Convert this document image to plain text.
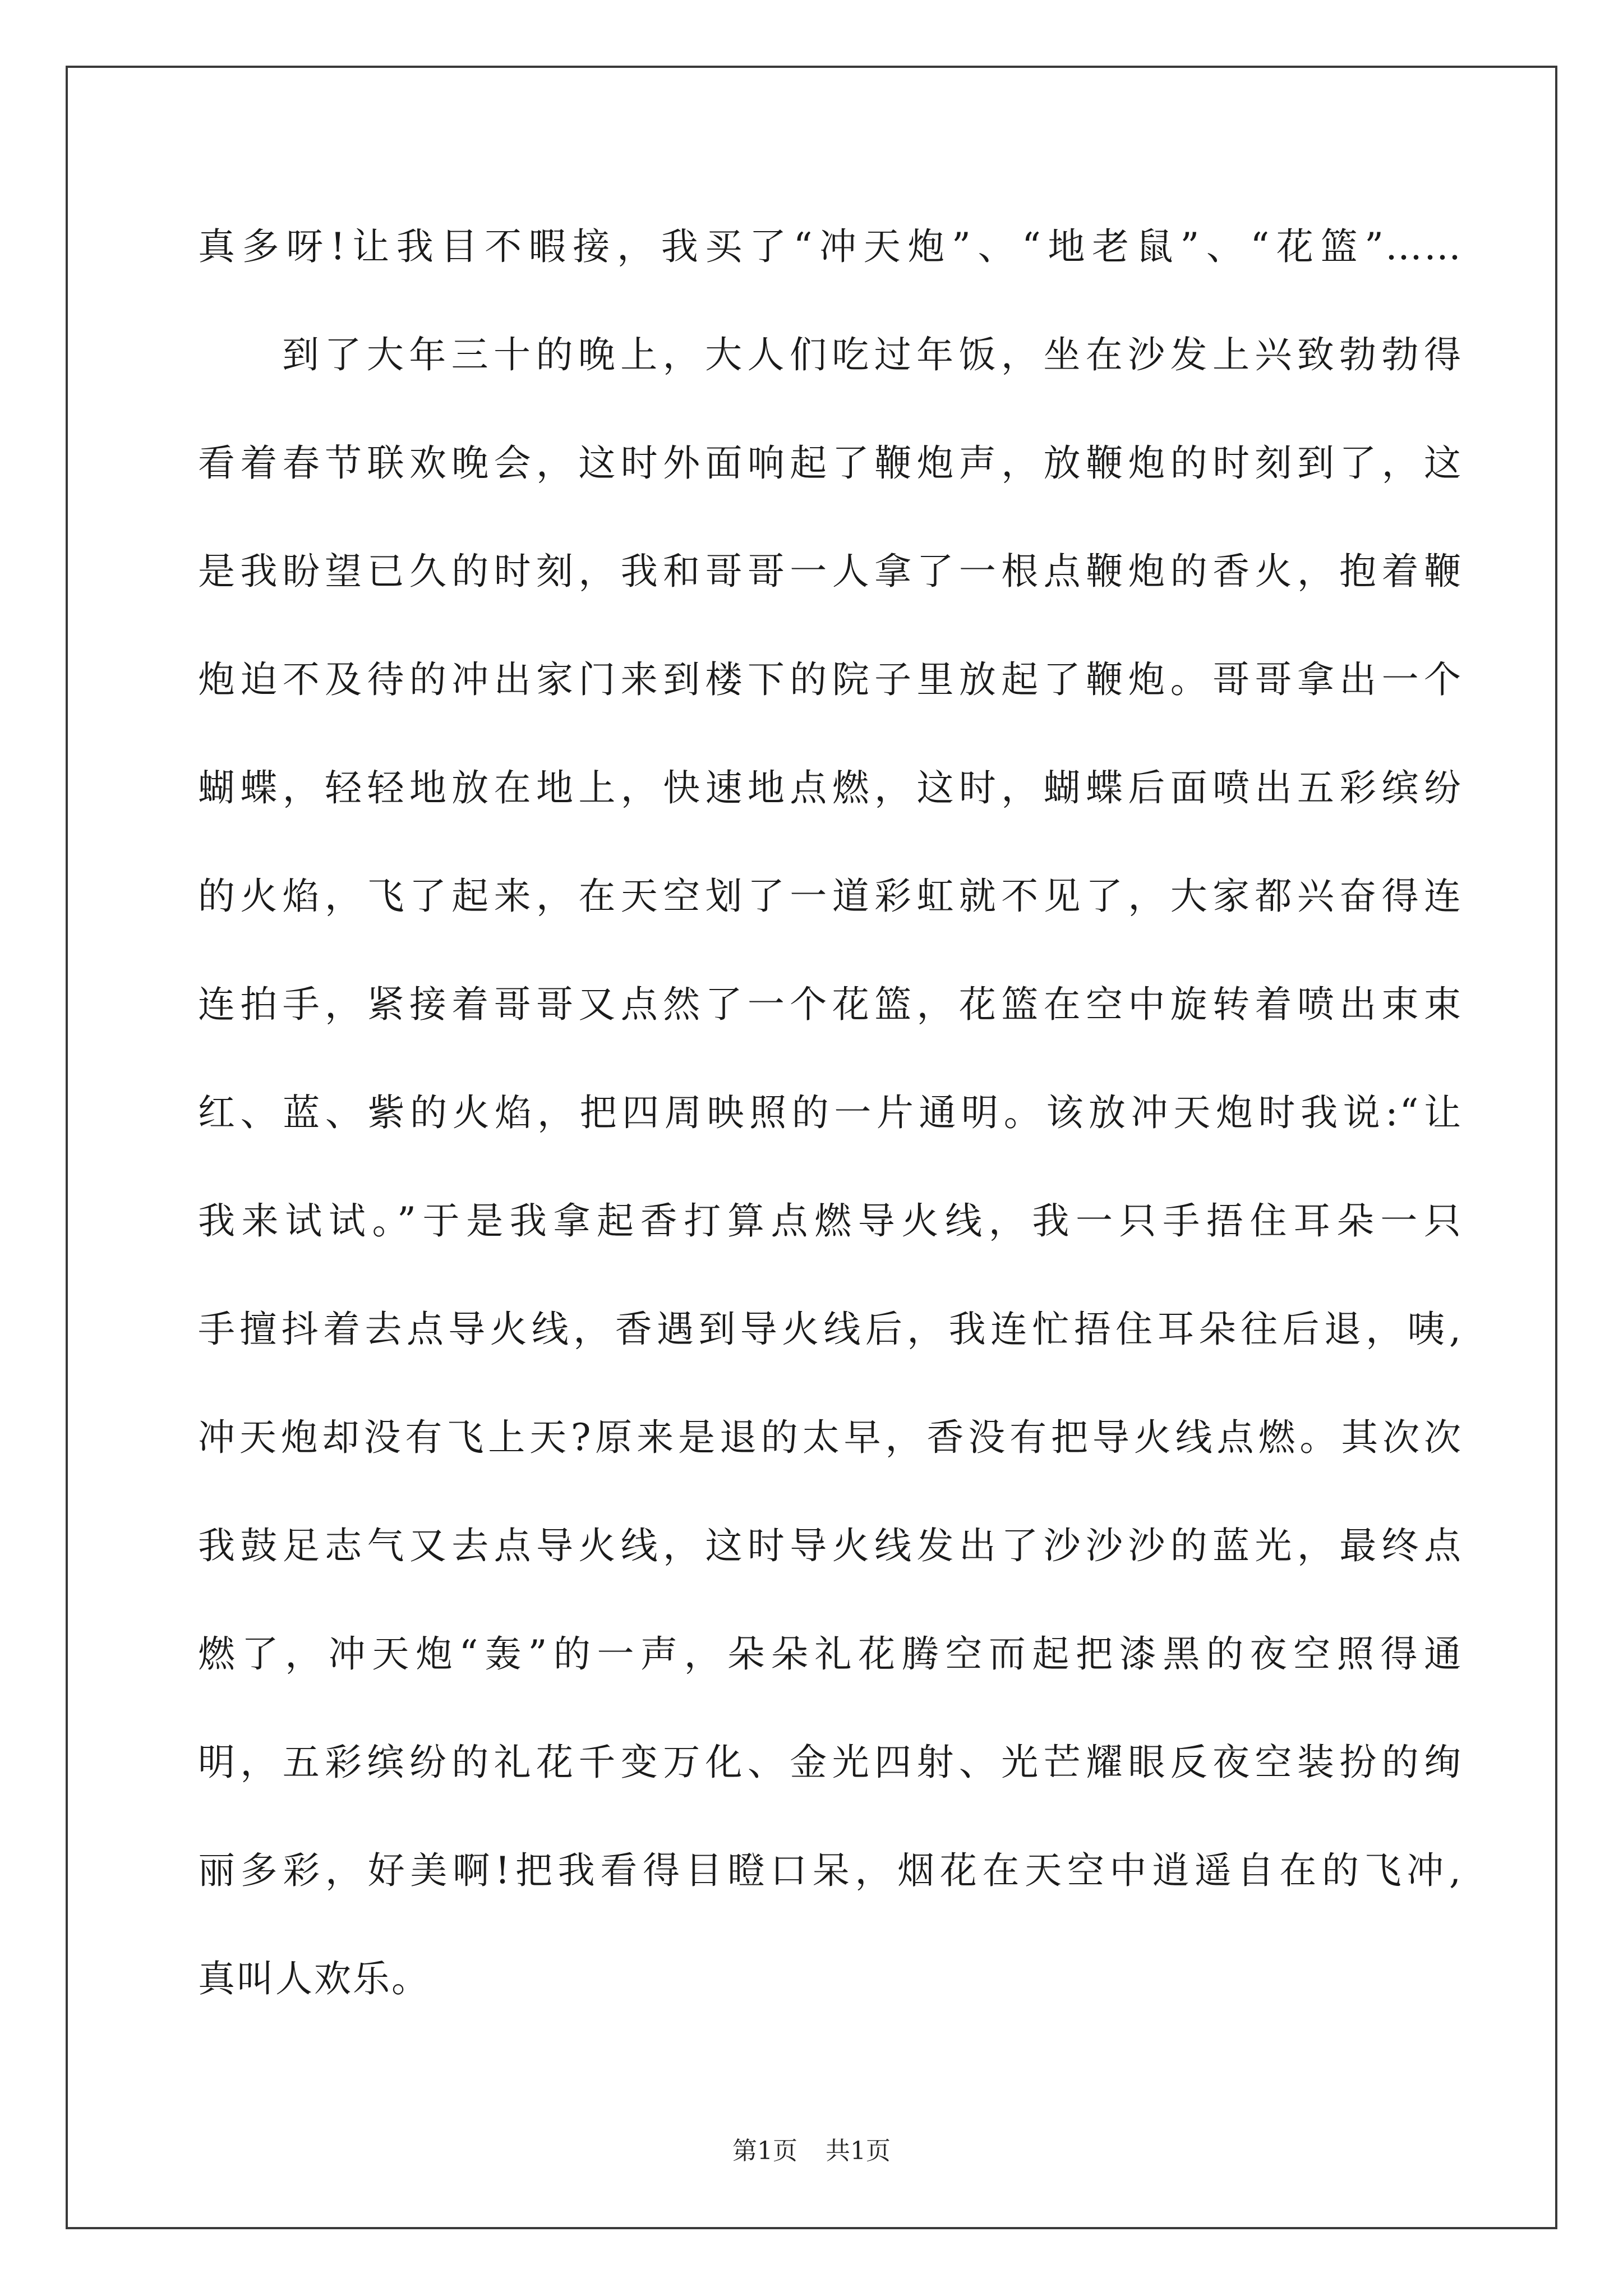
真多呀!让我目不暇接，我买了“冲天炮”、“地老鼠”、“花篮”……
到了大年三十的晚上，大人们吃过年饭，坐在沙发上兴致勃勃得
看着春节联欢晚会，这时外面响起了鞭炮声，放鞭炮的时刻到了，这
是我盼望已久的时刻，我和哥哥一人拿了一根点鞭炮的香火，抱着鞭
炮迫不及待的冲出家门来到楼下的院子里放起了鞭炮。哥哥拿出一个
蝴蝶，轻轻地放在地上，快速地点燃，这时，蝴蝶后面喷出五彩缤纷
的火焰，飞了起来，在天空划了一道彩虹就不见了，大家都兴奋得连
连拍手，紧接着哥哥又点然了一个花篮，花篮在空中旋转着喷出束束
红、蓝、紫的火焰，把四周映照的一片通明。该放冲天炮时我说:“让
我来试试。”于是我拿起香打算点燃导火线，我一只手捂住耳朵一只
手擅抖着去点导火线，香遇到导火线后，我连忙捂住耳朵往后退，咦,
冲天炮却没有飞上天?原来是退的太早，香没有把导火线点燃。其次次
我鼓足志气又去点导火线，这时导火线发出了沙沙沙的蓝光，最终点
燃了，冲天炮“轰”的一声，朵朵礼花腾空而起把漆黑的夜空照得通
明，五彩缤纷的礼花千变万化、金光四射、光芒耀眼反夜空装扮的绚
丽多彩，好美啊!把我看得目瞪口呆，烟花在天空中逍遥自在的飞冲,
真叫人欢乐。
第1页 共1页
